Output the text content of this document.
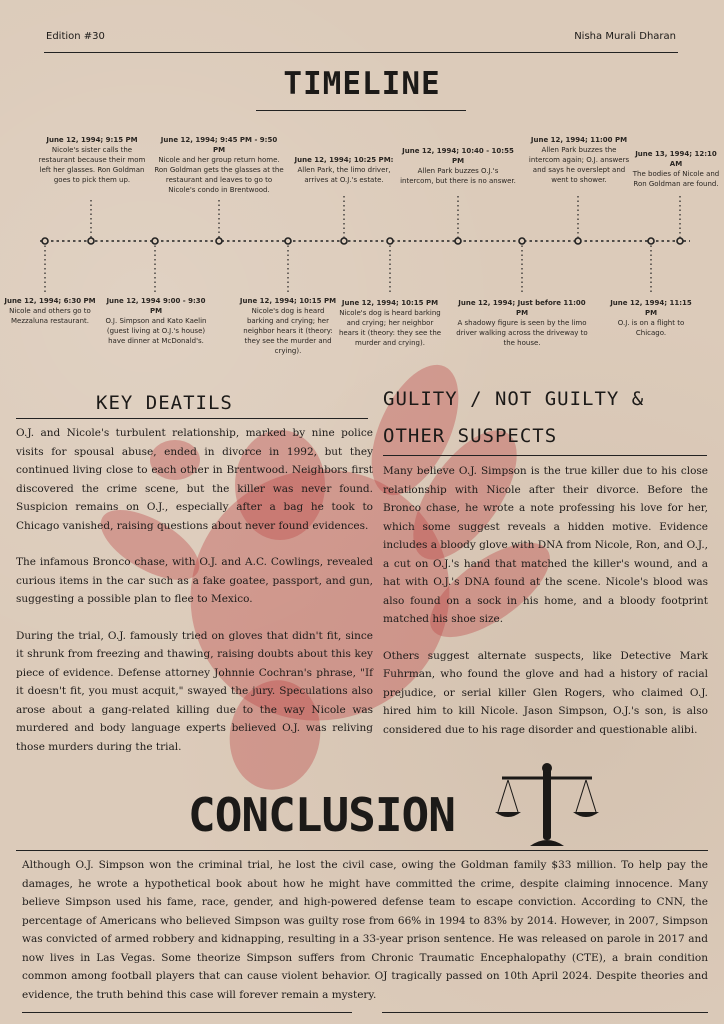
Edition #30	Nisha Murali Dharan
TIMELINE
June 12, 1994; 9:15 PM
Nicole's sister calls the restaurant because their mom left her glasses. Ron Goldman goes to pick them up.
June 12, 1994; 9:45 PM - 9:50 PM
Nicole and her group return home. Ron Goldman gets the glasses at the restaurant and leaves to go to Nicole's condo in Brentwood.
June 12, 1994; 10:25 PM:
Allen Park, the limo driver, arrives at O.J.'s estate.
June 12, 1994; 10:40 - 10:55 PM
Allen Park buzzes O.J.'s intercom, but there is no answer.
June 12, 1994; 11:00 PM
Allen Park buzzes the intercom again; O.J. answers and says he overslept and went to shower.
June 13, 1994; 12:10 AM
The bodies of Nicole and Ron Goldman are found.
June 12, 1994; 6:30 PM
Nicole and others go to Mezzaluna restaurant.
June 12, 1994 9:00 - 9:30 PM
O.J. Simpson and Kato Kaelin (guest living at O.J.'s house) have dinner at McDonald's.
June 12, 1994; 10:15 PM
Nicole's dog is heard barking and crying; her neighbor hears it (theory: they see the murder and crying).
June 12, 1994; 10:15 PM
Nicole's dog is heard barking and crying; her neighbor hears it (theory: they see the murder and crying).
June 12, 1994; Just before 11:00 PM
A shadowy figure is seen by the limo driver walking across the driveway to the house.
June 12, 1994; 11:15 PM
O.J. is on a flight to Chicago.
KEY DEATILS

O.J. and Nicole's turbulent relationship, marked by nine police visits for spousal abuse, ended in divorce in 1992, but they continued living close to each other in Brentwood. Neighbors first discovered the crime scene, but the killer was never found. Suspicion remains on O.J., especially after a bag he took to Chicago vanished, raising questions about never found evidences.

The infamous Bronco chase, with O.J. and A.C. Cowlings, revealed curious items in the car such as a fake goatee, passport, and gun, suggesting a possible plan to flee to Mexico.

During the trial, O.J. famously tried on gloves that didn't fit, since it shrunk from freezing and thawing, raising doubts about this key piece of evidence. Defense attorney Johnnie Cochran's phrase, "If it doesn't fit, you must acquit," swayed the jury. Speculations also arose about a gang-related killing due to the way Nicole was murdered and body language experts believed O.J. was reliving those murders during the trial.

GULITY / NOT GUILTY &
OTHER SUSPECTS

Many believe O.J. Simpson is the true killer due to his close relationship with Nicole after their divorce. Before the Bronco chase, he wrote a note professing his love for her, which some suggest reveals a hidden motive. Evidence includes a bloody glove with DNA from Nicole, Ron, and O.J., a cut on O.J.'s hand that matched the killer's wound, and a hat with O.J.'s DNA found at the scene. Nicole's blood was also found on a sock in his home, and a bloody footprint matched his shoe size.

Others suggest alternate suspects, like Detective Mark Fuhrman, who found the glove and had a history of racial prejudice, or serial killer Glen Rogers, who claimed O.J. hired him to kill Nicole. Jason Simpson, O.J.'s son, is also considered due to his rage disorder and questionable alibi.

CONCLUSION
Although O.J. Simpson won the criminal trial, he lost the civil case, owing the Goldman family $33 million. To help pay the damages, he wrote a hypothetical book about how he might have committed the crime, despite claiming innocence. Many believe Simpson used his fame, race, gender, and high-powered defense team to escape conviction. According to CNN, the percentage of Americans who believed Simpson was guilty rose from 66% in 1994 to 83% by 2014. However, in 2007, Simpson was convicted of armed robbery and kidnapping, resulting in a 33-year prison sentence. He was released on parole in 2017 and now lives in Las Vegas. Some theorize Simpson suffers from Chronic Traumatic Encephalopathy (CTE), a brain condition common among football players that can cause violent behavior. OJ tragically passed on 10th April 2024. Despite theories and evidence, the truth behind this case will forever remain a mystery.
